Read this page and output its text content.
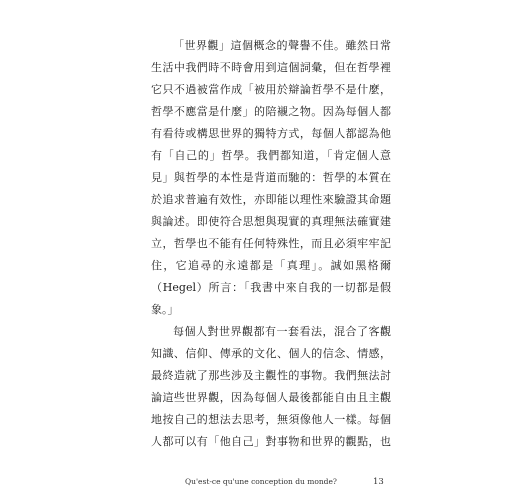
「世界觀」這個概念的聲譽不佳。雖然日常
生活中我們時不時會用到這個詞彙，但在哲學裡
它只不過被當作成「被用於辯論哲學不是什麼，
哲學不應當是什麼」的陪襯之物。因為每個人都
有看待或構思世界的獨特方式，每個人都認為他
有「自己的」哲學。我們都知道，「肯定個人意
見」與哲學的本性是背道而馳的：哲學的本質在
於追求普遍有效性，亦即能以理性來驗證其命題
與論述。即使符合思想與現實的真理無法確實建
立，哲學也不能有任何特殊性，而且必須牢牢記
住，它追尋的永遠都是「真理」。誠如黑格爾
（Hegel）所言：「我書中來自我的一切都是假
象。」
每個人對世界觀都有一套看法，混合了客觀
知識、信仰、傳承的文化、個人的信念、情感，
最終造就了那些涉及主觀性的事物。我們無法討
論這些世界觀，因為每個人最後都能自由且主觀
地按自己的想法去思考，無須像他人一樣。每個
人都可以有「他自己」對事物和世界的觀點，也
Qu'est-ce qu'une conception du monde?	13
